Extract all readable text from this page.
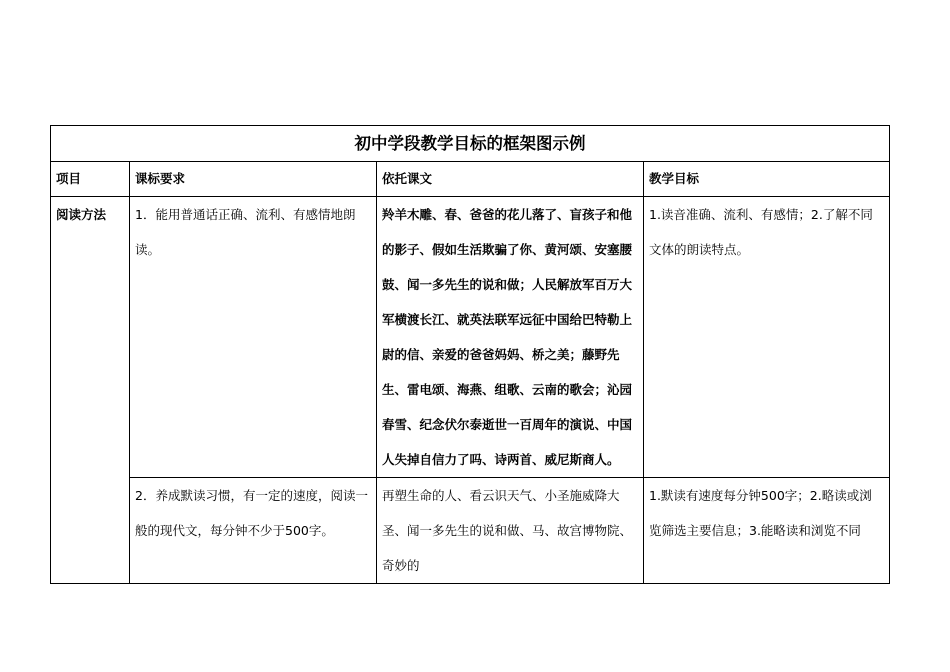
初中学段教学目标的框架图示例			
项目	课标要求	依托课文	教学目标

阅读方法	1．能用普通话正确、流利、有感情地朗读。	羚羊木雕、春、爸爸的花儿落了、盲孩子和他的影子、假如生活欺骗了你、黄河颂、安塞腰鼓、闻一多先生的说和做；人民解放军百万大军横渡长江、就英法联军远征中国给巴特勒上尉的信、亲爱的爸爸妈妈、桥之美；藤野先生、雷电颂、海燕、组歌、云南的歌会；沁园春雪、纪念伏尔泰逝世一百周年的演说、中国人失掉自信力了吗、诗两首、威尼斯商人。	1.读音准确、流利、有感情；2.了解不同文体的朗读特点。

	2．养成默读习惯，有一定的速度，阅读一般的现代文，每分钟不少于500字。	再塑生命的人、看云识天气、小圣施威降大圣、闻一多先生的说和做、马、故宫博物院、奇妙的	1.默读有速度每分钟500字；2.略读或浏览筛选主要信息；3.能略读和浏览不同
